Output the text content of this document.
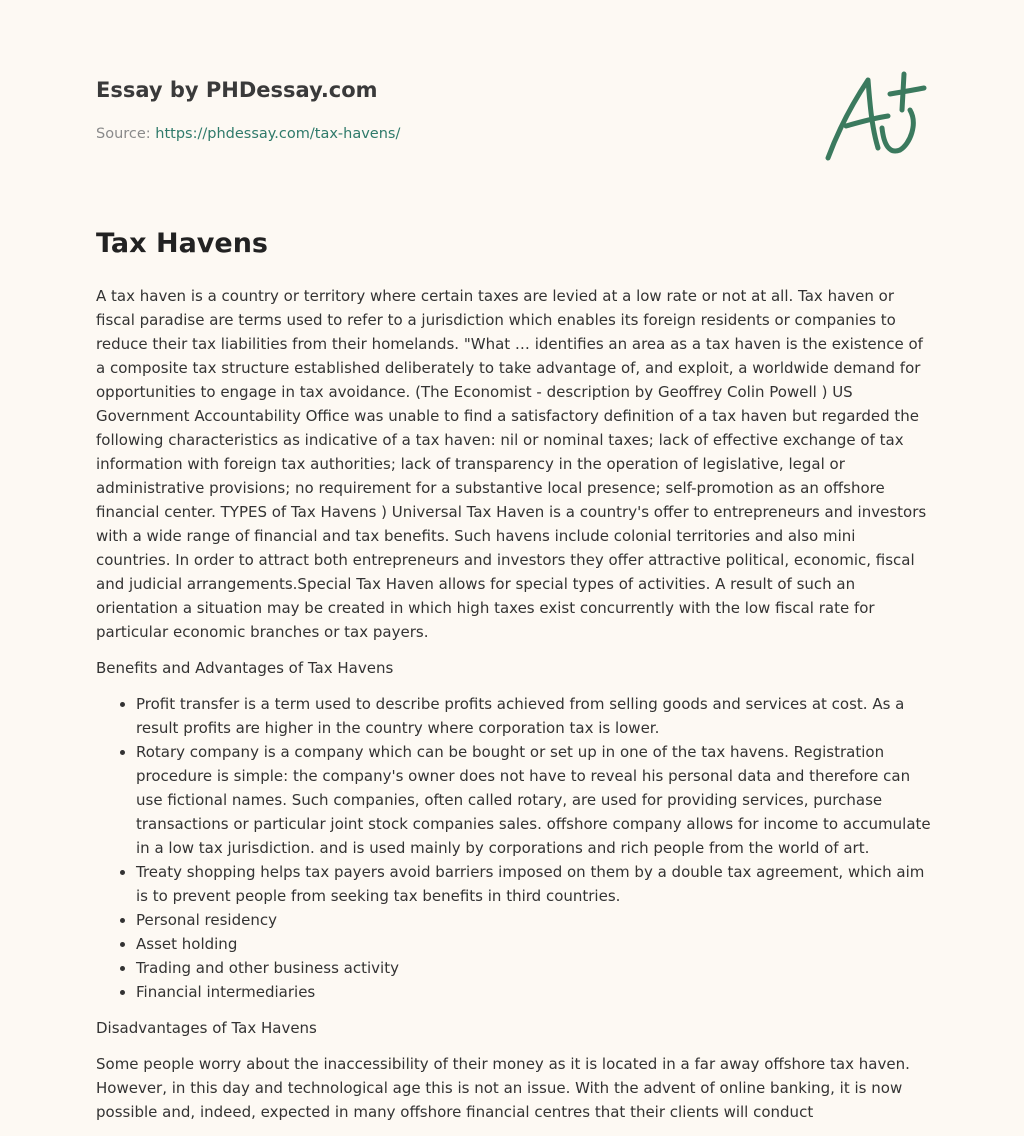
Essay by PHDessay.com
Source: https://phdessay.com/tax-havens/
Tax Havens

A tax haven is a country or territory where certain taxes are levied at a low rate or not at all. Tax haven or fiscal paradise are terms used to refer to a jurisdiction which enables its foreign residents or companies to reduce their tax liabilities from their homelands. "What … identifies an area as a tax haven is the existence of a composite tax structure established deliberately to take advantage of, and exploit, a worldwide demand for opportunities to engage in tax avoidance. (The Economist - description by Geoffrey Colin Powell ) US Government Accountability Office was unable to find a satisfactory definition of a tax haven but regarded the following characteristics as indicative of a tax haven: nil or nominal taxes; lack of effective exchange of tax information with foreign tax authorities; lack of transparency in the operation of legislative, legal or administrative provisions; no requirement for a substantive local presence; self-promotion as an offshore financial center. TYPES of Tax Havens ) Universal Tax Haven is a country's offer to entrepreneurs and investors with a wide range of financial and tax benefits. Such havens include colonial territories and also mini countries. In order to attract both entrepreneurs and investors they offer attractive political, economic, fiscal and judicial arrangements.Special Tax Haven allows for special types of activities. A result of such an orientation a situation may be created in which high taxes exist concurrently with the low fiscal rate for particular economic branches or tax payers.

Benefits and Advantages of Tax Havens

• Profit transfer is a term used to describe profits achieved from selling goods and services at cost. As a result profits are higher in the country where corporation tax is lower.
• Rotary company is a company which can be bought or set up in one of the tax havens. Registration procedure is simple: the company's owner does not have to reveal his personal data and therefore can use fictional names. Such companies, often called rotary, are used for providing services, purchase transactions or particular joint stock companies sales. offshore company allows for income to accumulate in a low tax jurisdiction. and is used mainly by corporations and rich people from the world of art.
• Treaty shopping helps tax payers avoid barriers imposed on them by a double tax agreement, which aim is to prevent people from seeking tax benefits in third countries.
• Personal residency
• Asset holding
• Trading and other business activity
• Financial intermediaries

Disadvantages of Tax Havens

Some people worry about the inaccessibility of their money as it is located in a far away offshore tax haven. However, in this day and technological age this is not an issue. With the advent of online banking, it is now possible and, indeed, expected in many offshore financial centres that their clients will conduct
